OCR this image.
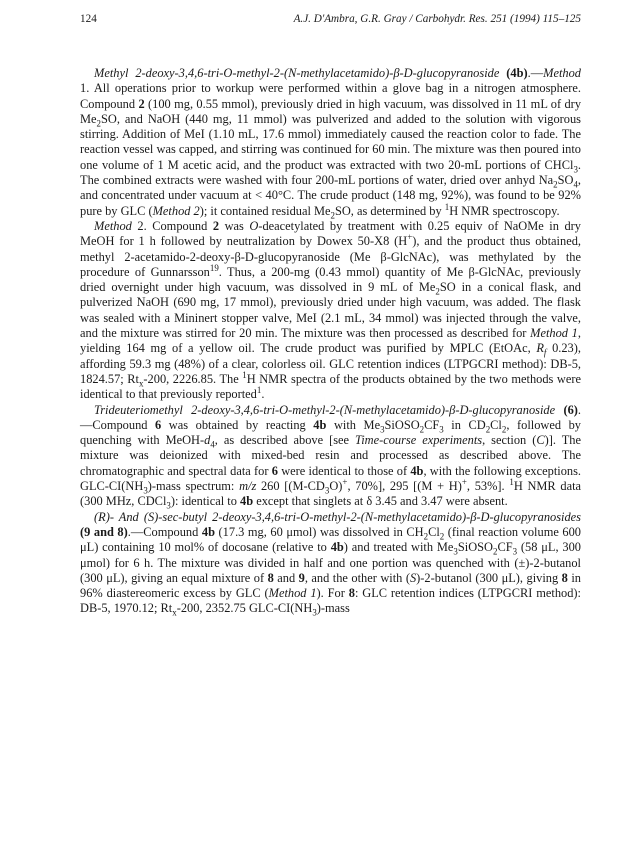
124	A.J. D'Ambra, G.R. Gray / Carbohydr. Res. 251 (1994) 115–125

Methyl 2-deoxy-3,4,6-tri-O-methyl-2-(N-methylacetamido)-β-D-glucopyranoside (4b).—Method 1. All operations prior to workup were performed within a glove bag in a nitrogen atmosphere. Compound 2 (100 mg, 0.55 mmol), previously dried in high vacuum, was dissolved in 11 mL of dry $Me_2SO$, and NaOH (440 mg, 11 mmol) was pulverized and added to the solution with vigorous stirring. Addition of MeI (1.10 mL, 17.6 mmol) immediately caused the reaction color to fade. The reaction vessel was capped, and stirring was continued for 60 min. The mixture was then poured into one volume of 1 M acetic acid, and the product was extracted with two 20-mL portions of CHCl$_3$. The combined extracts were washed with four 200-mL portions of water, dried over anhyd $Na_2SO_4$, and concentrated under vacuum at < 40°C. The crude product (148 mg, 92%), was found to be 92% pure by GLC (Method 2); it contained residual $Me_2SO$, as determined by $^1$H NMR spectroscopy.

Method 2. Compound 2 was O-deacetylated by treatment with 0.25 equiv of NaOMe in dry MeOH for 1 h followed by neutralization by Dowex 50-X8 (H+), and the product thus obtained, methyl 2-acetamido-2-deoxy-β-D-glucopyranoside (Me β-GlcNAc), was methylated by the procedure of Gunnarsson$^{19}$. Thus, a 200-mg (0.43 mmol) quantity of Me β-GlcNAc, previously dried overnight under high vacuum, was dissolved in 9 mL of $Me_2SO$ in a conical flask, and pulverized NaOH (690 mg, 17 mmol), previously dried under high vacuum, was added. The flask was sealed with a Mininert stopper valve, MeI (2.1 mL, 34 mmol) was injected through the valve, and the mixture was stirred for 20 min. The mixture was then processed as described for Method 1, yielding 164 mg of a yellow oil. The crude product was purified by MPLC (EtOAc, $R_f$ 0.23), affording 59.3 mg (48%) of a clear, colorless oil. GLC retention indices (LTPGCRI method): DB-5, 1824.57; $Rt_x-200$, 2226.85. The $^1$H NMR spectra of the products obtained by the two methods were identical to that previously reported$^1$.

Trideuteriomethyl 2-deoxy-3,4,6-tri-O-methyl-2-(N-methylacetamido)-β-D-glucopyranoside (6).—Compound 6 was obtained by reacting 4b with $Me_3SiOSO_2CF_3$ in $CD_2Cl_2$, followed by quenching with MeOH-$d_4$, as described above [see Time-course experiments, section (C)]. The mixture was deionized with mixed-bed resin and processed as described above. The chromatographic and spectral data for 6 were identical to those of 4b, with the following exceptions. GLC-$CI(NH_3)$-mass spectrum: m/z 260 [$(M-CD_3O)^+$, 70%], 295 [(M + H)+, 53%]. $^1$H NMR data (300 MHz, CDCl$_3$): identical to 4b except that singlets at δ 3.45 and 3.47 were absent.

(R)- And (S)-sec-butyl 2-deoxy-3,4,6-tri-O-methyl-2-(N-methylacetamido)-β-D-glucopyranosides (9 and 8).—Compound 4b (17.3 mg, 60 μmol) was dissolved in $CH_2Cl_2$ (final reaction volume 600 μL) containing 10 mol% of docosane (relative to 4b) and treated with $Me_3SiOSO_2CF_3$ (58 μL, 300 μmol) for 6 h. The mixture was divided in half and one portion was quenched with (±)-2-butanol (300 μL), giving an equal mixture of 8 and 9, and the other with (S)-2-butanol (300 μL), giving 8 in 96% diastereomeric excess by GLC (Method 1). For 8: GLC retention indices (LTPGCRI method): DB-5, 1970.12; $Rt_x-200$, 2352.75 GLC-$CI(NH_3)$-mass
